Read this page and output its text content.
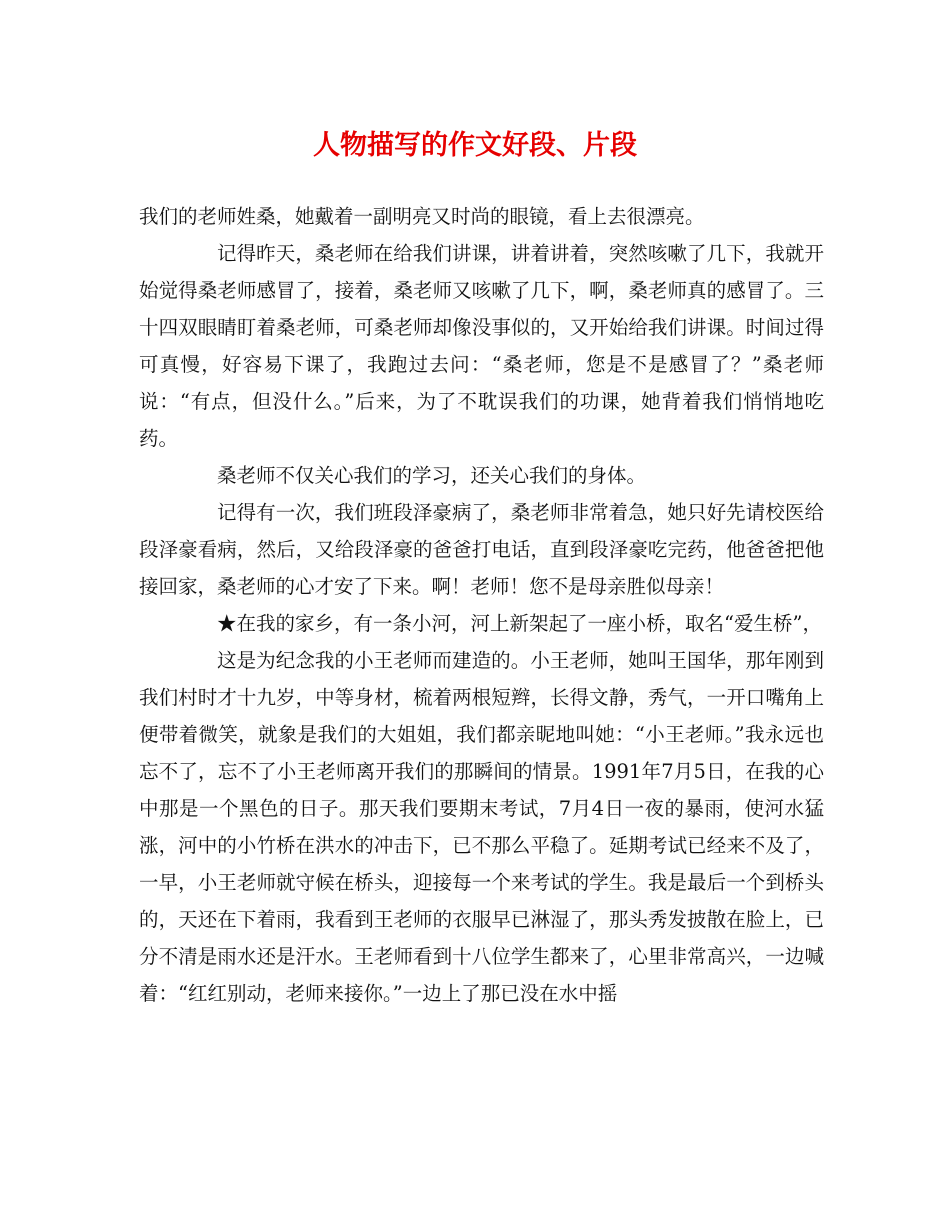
人物描写的作文好段、片段

我们的老师姓桑，她戴着一副明亮又时尚的眼镜，看上去很漂亮。

记得昨天，桑老师在给我们讲课，讲着讲着，突然咳嗽了几下，我就开始觉得桑老师感冒了，接着，桑老师又咳嗽了几下，啊，桑老师真的感冒了。三十四双眼睛盯着桑老师，可桑老师却像没事似的，又开始给我们讲课。时间过得可真慢，好容易下课了，我跑过去问：“桑老师，您是不是感冒了？”桑老师说：“有点，但没什么。”后来，为了不耽误我们的功课，她背着我们悄悄地吃药。

桑老师不仅关心我们的学习，还关心我们的身体。

记得有一次，我们班段泽豪病了，桑老师非常着急，她只好先请校医给段泽豪看病，然后，又给段泽豪的爸爸打电话，直到段泽豪吃完药，他爸爸把他接回家，桑老师的心才安了下来。啊！老师！您不是母亲胜似母亲！

★在我的家乡，有一条小河，河上新架起了一座小桥，取名“爱生桥”，

这是为纪念我的小王老师而建造的。小王老师，她叫王国华，那年刚到我们村时才十九岁，中等身材，梳着两根短辫，长得文静，秀气，一开口嘴角上便带着微笑，就象是我们的大姐姐，我们都亲昵地叫她：“小王老师。”我永远也忘不了，忘不了小王老师离开我们的那瞬间的情景。1991年7月5日，在我的心中那是一个黑色的日子。那天我们要期末考试，7月4日一夜的暴雨，使河水猛涨，河中的小竹桥在洪水的冲击下，已不那么平稳了。延期考试已经来不及了，一早，小王老师就守候在桥头，迎接每一个来考试的学生。我是最后一个到桥头的，天还在下着雨，我看到王老师的衣服早已淋湿了，那头秀发披散在脸上，已分不清是雨水还是汗水。王老师看到十八位学生都来了，心里非常高兴，一边喊着：“红红别动，老师来接你。”一边上了那已没在水中摇
